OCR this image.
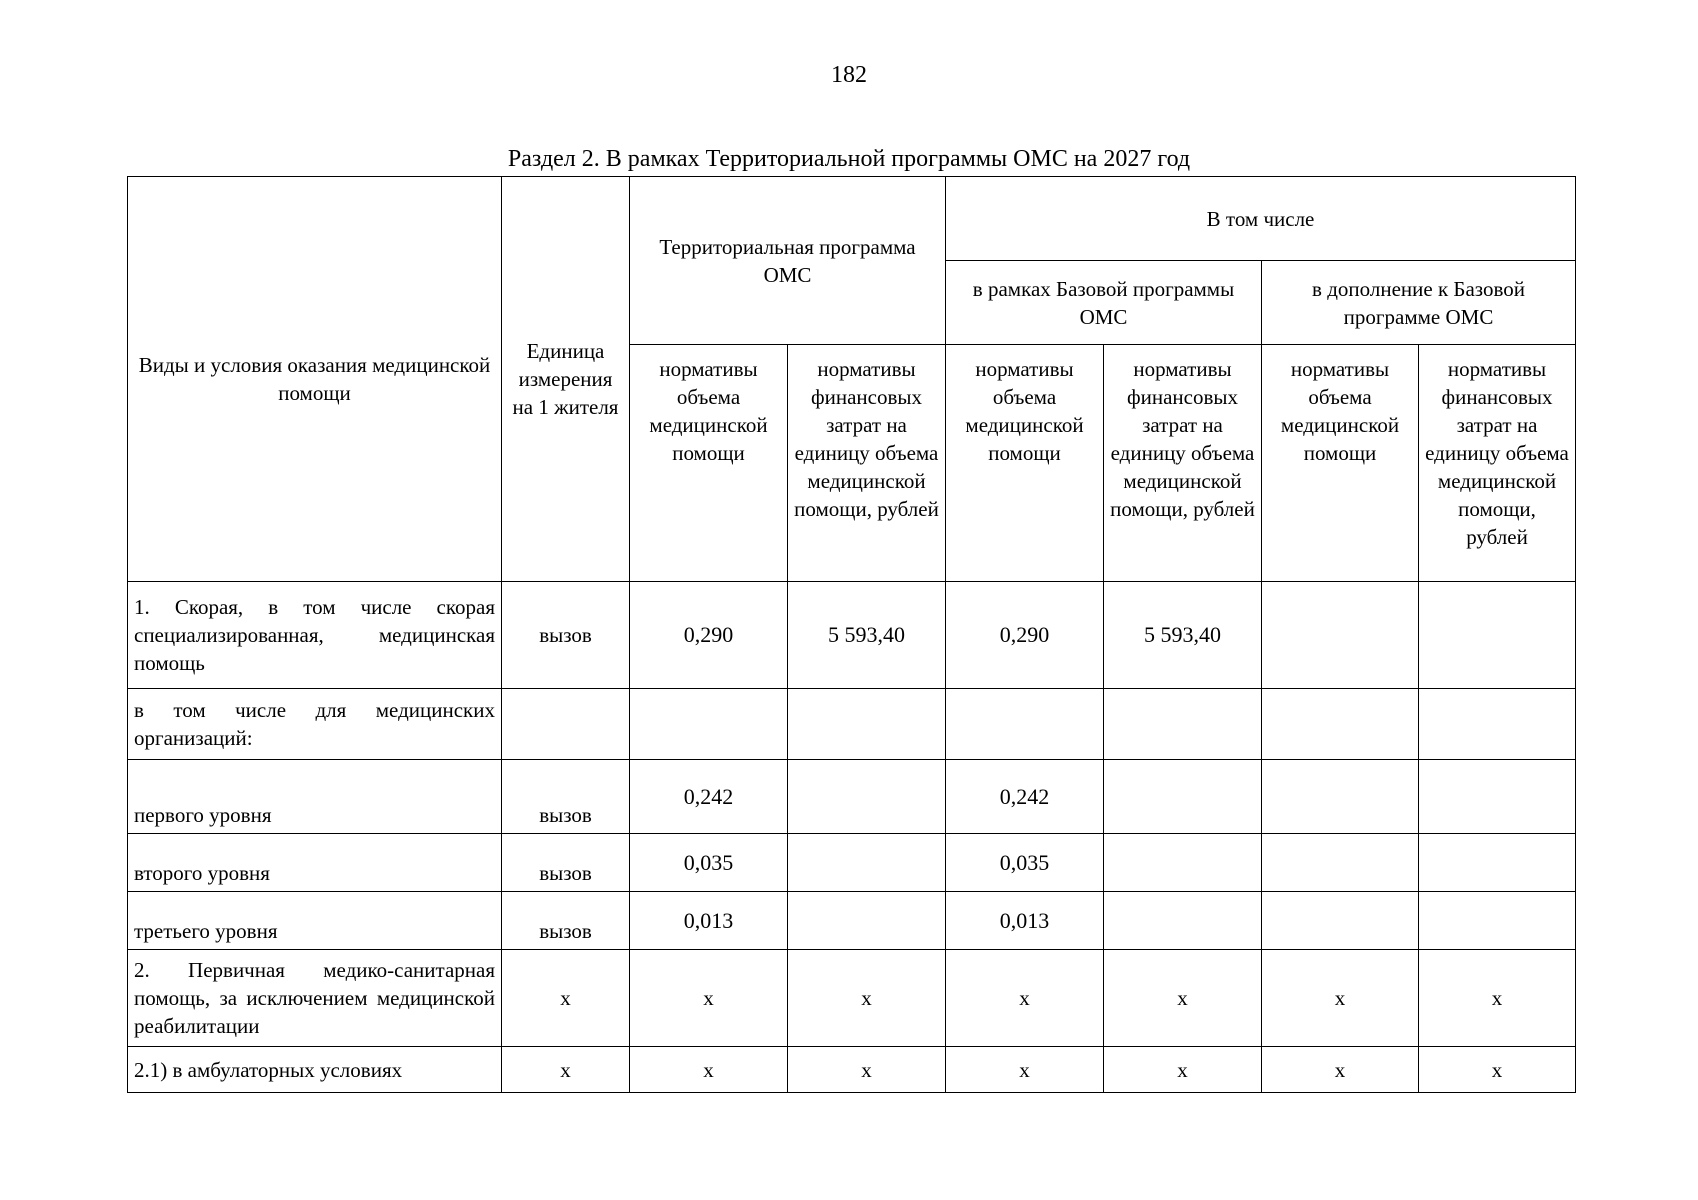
182
Раздел 2. В рамках Территориальной программы ОМС на 2027 год
Виды и условия оказания медицинской помощи	Единица измерения на 1 жителя	Территориальная программа ОМС		В том числе			
				в рамках Базовой программы ОМС		в дополнение к Базовой программе ОМС	
		нормативы объема медицинской помощи	нормативы финансовых затрат на единицу объема медицинской помощи, рублей	нормативы объема медицинской помощи	нормативы финансовых затрат на единицу объема медицинской помощи, рублей	нормативы объема медицинской помощи	нормативы финансовых затрат на единицу объема медицинской помощи, рублей
1. Скорая, в том числе скорая специализированная, медицинская помощь	вызов	0,290	5 593,40	0,290	5 593,40		
в том числе для медицинских организаций:							
первого уровня	вызов	0,242		0,242			
второго уровня	вызов	0,035		0,035			
третьего уровня	вызов	0,013		0,013			
2. Первичная медико-санитарная помощь, за исключением медицинской реабилитации	х	х	х	х	х	х	х
2.1) в амбулаторных условиях	х	х	х	х	х	х	х
